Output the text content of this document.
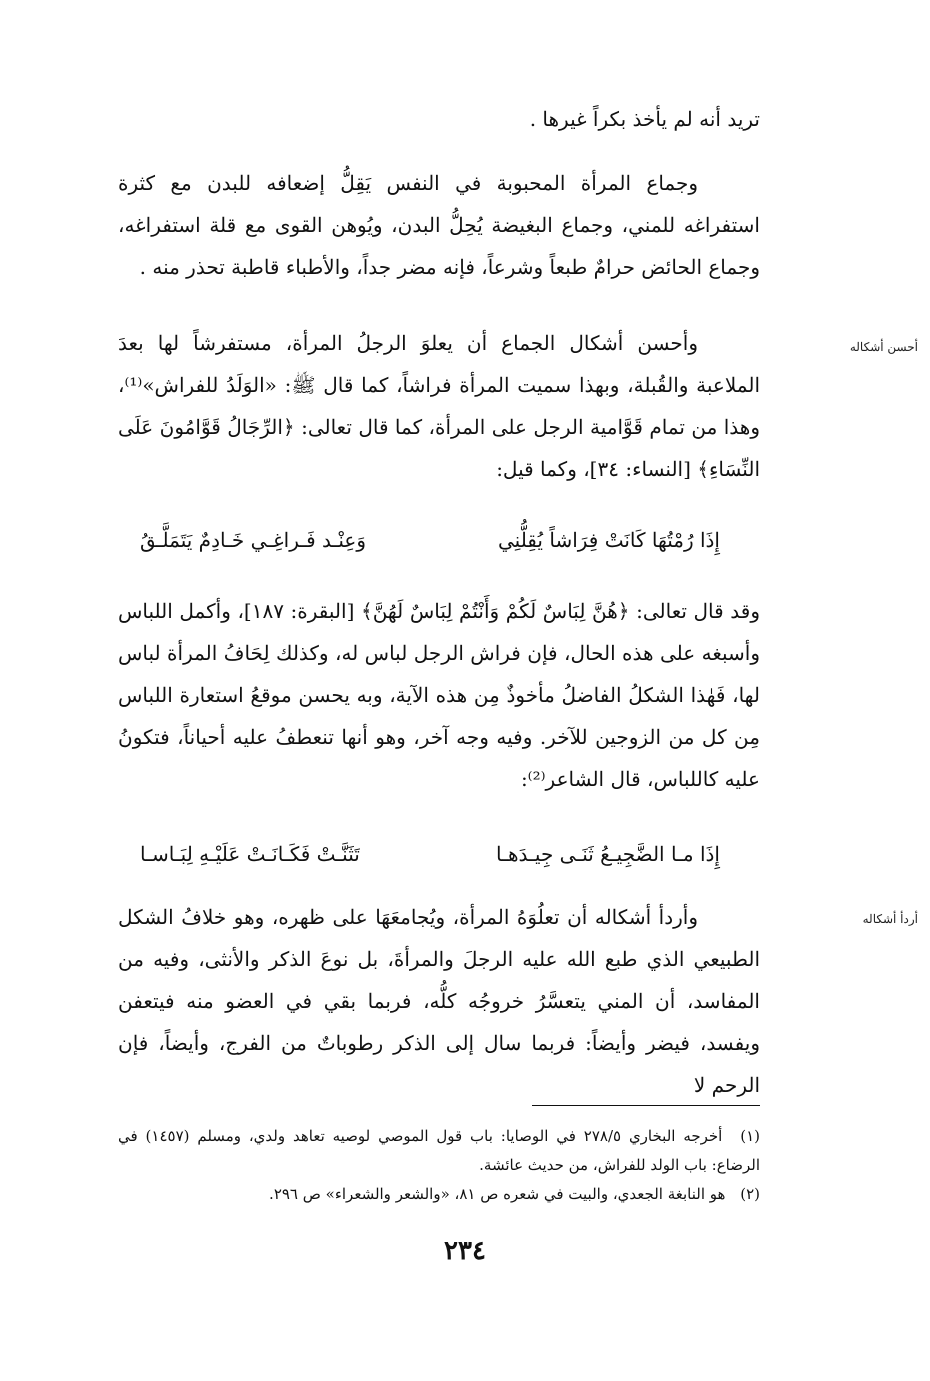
تريد أنه لم يأخذ بكراً غيرها .
وجماع المرأة المحبوبة في النفس يَقِلُّ إضعافه للبدن مع كثرة استفراغه للمني، وجماع البغيضة يُحِلُّ البدن، ويُوهن القوى مع قلة استفراغه، وجماع الحائض حرامٌ طبعاً وشرعاً، فإنه مضر جداً، والأطباء قاطبة تحذر منه .
أحسن أشكاله
وأحسن أشكال الجماع أن يعلوَ الرجلُ المرأة، مستفرشاً لها بعدَ الملاعبة والقُبلة، وبهذا سميت المرأة فراشاً، كما قال ﷺ: «الوَلَدُ للفراش»⁽¹⁾، وهذا من تمام قَوَّامية الرجل على المرأة، كما قال تعالى: ﴿الرِّجَالُ قَوَّامُونَ عَلَى النِّسَاءِ﴾ [النساء: ٣٤]، وكما قيل:
إِذَا رُمْتُهَا كَانَتْ فِرَاشاً يُقِلُّنِي
وَعِنْـد فَـراغِـي خَـادِمٌ يَتَمَلَّـقُ
وقد قال تعالى: ﴿هُنَّ لِبَاسٌ لَكُمْ وَأَنْتُمْ لِبَاسٌ لَهُنَّ﴾ [البقرة: ١٨٧]، وأكمل اللباس وأسبغه على هذه الحال، فإن فراش الرجل لباس له، وكذلك لِحَافُ المرأة لباس لها، فَهٰذا الشكلُ الفاضلُ مأخوذٌ مِن هذه الآية، وبه يحسن موقعُ استعارة اللباس مِن كل من الزوجين للآخر. وفيه وجه آخر، وهو أنها تنعطفُ عليه أحياناً، فتكونُ عليه كاللباس، قال الشاعر⁽²⁾:
إِذَا مـا الضَّجِيـعُ ثَنَـى جِيـدَهـا
تَثَنَّـتْ فَكَـانَـتْ عَلَيْـهِ لِبَـاسـا
أردأ أشكاله
وأردأ أشكاله أن تعلُوَهُ المرأة، ويُجامعَهَا على ظهره، وهو خلافُ الشكل الطبيعي الذي طبع الله عليه الرجلَ والمرأةَ، بل نوعَ الذكر والأنثى، وفيه من المفاسد، أن المني يتعسَّرُ خروجُه كلُّه، فربما بقي في العضو منه فيتعفن ويفسد، فيضر وأيضاً: فربما سال إلى الذكر رطوباتٌ من الفرج، وأيضاً، فإن الرحم لا
(١) أخرجه البخاري ٢٧٨/٥ في الوصايا: باب قول الموصي لوصيه تعاهد ولدي، ومسلم (١٤٥٧) في الرضاع: باب الولد للفراش، من حديث عائشة.
(٢) هو النابغة الجعدي، والبيت في شعره ص ٨١، «والشعر والشعراء» ص ٢٩٦.
٢٣٤
